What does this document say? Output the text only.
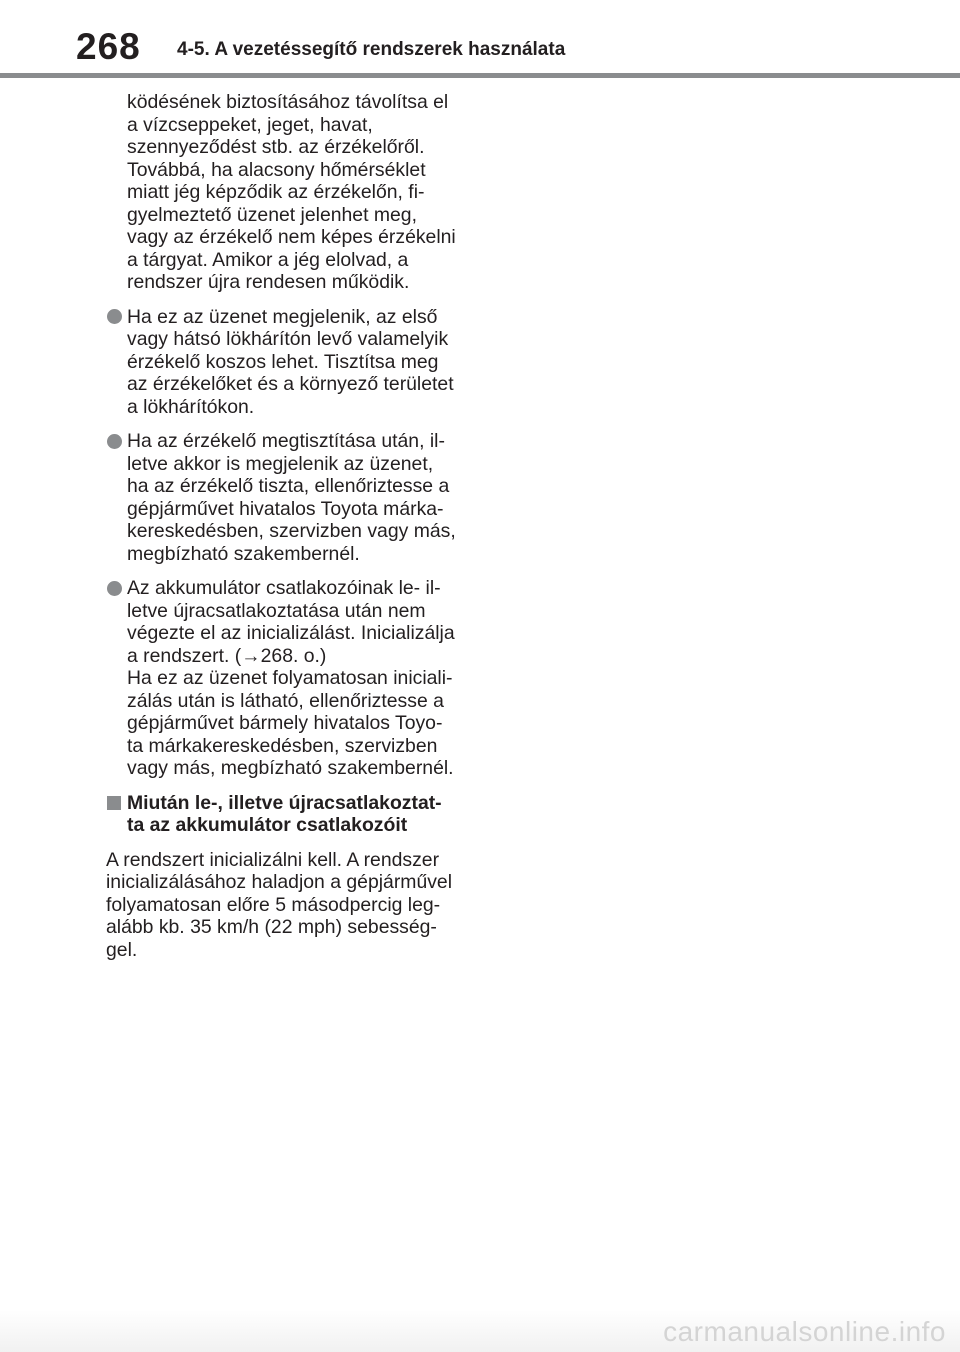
268 4-5. A vezetéssegítő rendszerek használata
ködésének biztosításához távolítsa el
a vízcseppeket, jeget, havat,
szennyeződést stb. az érzékelőről.
Továbbá, ha alacsony hőmérséklet
miatt jég képződik az érzékelőn, fi-
gyelmeztető üzenet jelenhet meg,
vagy az érzékelő nem képes érzékelni
a tárgyat. Amikor a jég elolvad, a
rendszer újra rendesen működik.
Ha ez az üzenet megjelenik, az első
vagy hátsó lökhárítón levő valamelyik
érzékelő koszos lehet. Tisztítsa meg
az érzékelőket és a környező területet
a lökhárítókon.
Ha az érzékelő megtisztítása után, il-
letve akkor is megjelenik az üzenet,
ha az érzékelő tiszta, ellenőriztesse a
gépjárművet hivatalos Toyota márka-
kereskedésben, szervizben vagy más,
megbízható szakembernél.
Az akkumulátor csatlakozóinak le- il-
letve újracsatlakoztatása után nem
végezte el az inicializálást. Inicializálja
a rendszert. (→268. o.)
Ha ez az üzenet folyamatosan iniciali-
zálás után is látható, ellenőriztesse a
gépjárművet bármely hivatalos Toyo-
ta márkakereskedésben, szervizben
vagy más, megbízható szakembernél.
Miután le-, illetve újracsatlakoztat-
ta az akkumulátor csatlakozóit
A rendszert inicializálni kell. A rendszer
inicializálásához haladjon a gépjárművel
folyamatosan előre 5 másodpercig leg-
alább kb. 35 km/h (22 mph) sebesség-
gel.
carmanualsonline.info
